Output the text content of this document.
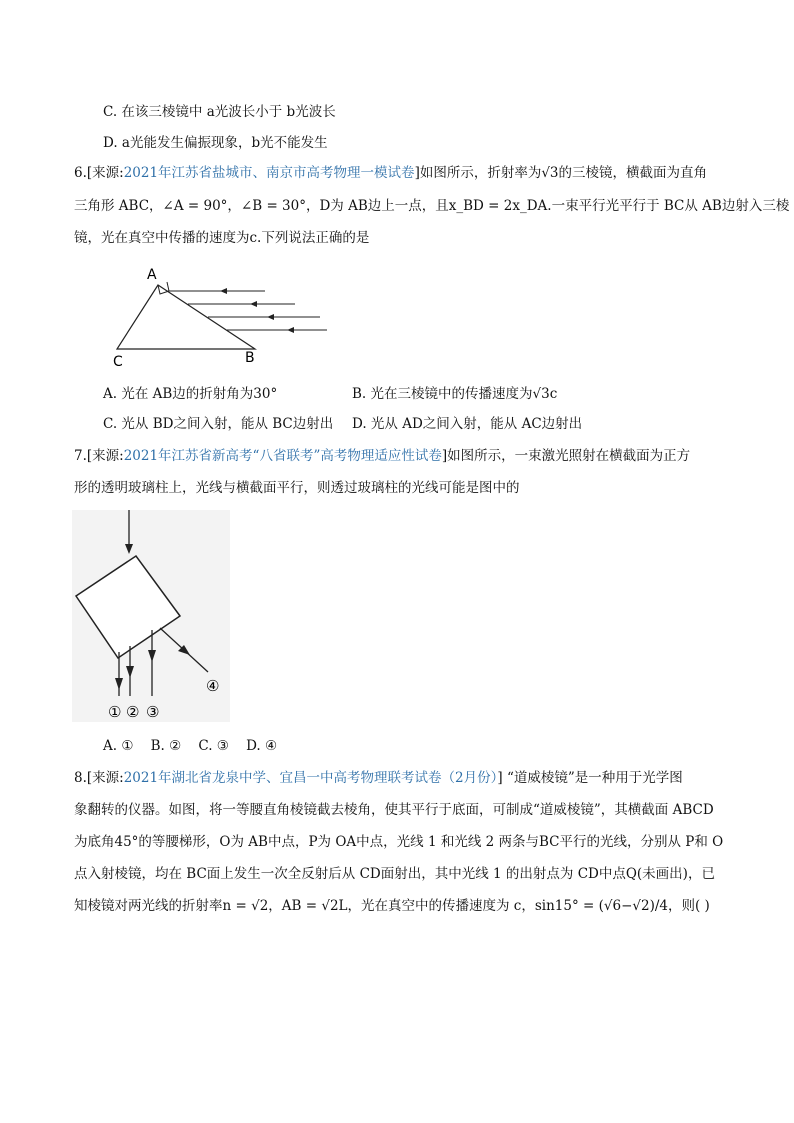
C. 在该三棱镜中 a光波长小于 b光波长
D. a光能发生偏振现象，b光不能发生
6.[来源:2021年江苏省盐城市、南京市高考物理一模试卷]如图所示，折射率为√3的三棱镜，横截面为直角
三角形 ABC，∠A = 90°，∠B = 30°，D为 AB边上一点，且x_BD = 2x_DA.一束平行光平行于 BC从 AB边射入三棱
镜，光在真空中传播的速度为c.下列说法正确的是
A
B
C
A. 光在 AB边的折射角为30°	B. 光在三棱镜中的传播速度为√3c
C. 光从 BD之间入射，能从 BC边射出 D. 光从 AD之间入射，能从 AC边射出
7.[来源:2021年江苏省新高考“八省联考”高考物理适应性试卷]如图所示，一束激光照射在横截面为正方
形的透明玻璃柱上，光线与横截面平行，则透过玻璃柱的光线可能是图中的
① ② ③
④
A. ①    B. ②    C. ③    D. ④
8.[来源:2021年湖北省龙泉中学、宜昌一中高考物理联考试卷（2月份）] “道威棱镜”是一种用于光学图
象翻转的仪器。如图，将一等腰直角棱镜截去棱角，使其平行于底面，可制成“道威棱镜”，其横截面 ABCD
为底角45°的等腰梯形，O为 AB中点，P为 OA中点，光线 1 和光线 2 两条与BC平行的光线，分别从 P和 O
点入射棱镜，均在 BC面上发生一次全反射后从 CD面射出，其中光线 1 的出射点为 CD中点Q(未画出)，已
知棱镜对两光线的折射率n = √2，AB = √2L，光在真空中的传播速度为 c，sin15° = (√6−√2)/4，则( )
